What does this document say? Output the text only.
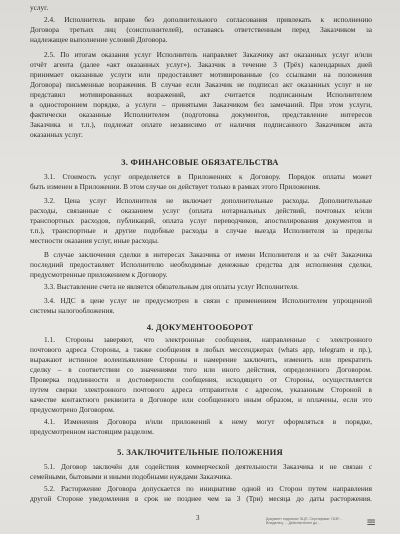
услуг.
2.4. Исполнитель вправе без дополнительного согласования привлекать к исполнению
Договора третьих лиц (соисполнителей), оставаясь ответственным перед Заказчиком за
надлежащее выполнение условий Договора.
2.5. По итогам оказания услуг Исполнитель направляет Заказчику акт оказанных услуг и/или
отчёт агента (далее «акт оказанных услуг»). Заказчик в течение 3 (Трёх) календарных дней
принимает оказанные услуги или предоставляет мотивированные (со ссылками на положения
Договора) письменные возражения. В случае если Заказчик не подписал акт оказанных услуг и не
представил мотивированных возражений, акт считается подписанным Исполнителем
в одностороннем порядке, а услуги – принятыми Заказчиком без замечаний. При этом услуги,
фактически оказанные Исполнителем (подготовка документов, представление интересов
Заказчика и т.п.), подлежат оплате независимо от наличия подписанного Заказчиком акта
оказанных услуг.
3. ФИНАНСОВЫЕ ОБЯЗАТЕЛЬСТВА
3.1. Стоимость услуг определяется в Приложениях к Договору. Порядок оплаты может
быть изменен в Приложении. В этом случае он действует только в рамках этого Приложения.
3.2. Цена услуг Исполнителя не включает дополнительные расходы. Дополнительные
расходы, связанные с оказанием услуг (оплата нотариальных действий, почтовых и/или
транспортных расходов, публикаций, оплата услуг переводчиков, апостилирования документов и
т.п.), транспортные и другие подобные расходы в случае выезда Исполнителя за пределы
местности оказания услуг, иные расходы.
В случае заключения сделки в интересах Заказчика от имени Исполнителя и за счёт Заказчика
последний предоставляет Исполнителю необходимые денежные средства для исполнения сделки,
предусмотренные приложением к Договору.
3.3. Выставление счета не является обязательным для оплаты услуг Исполнителя.
3.4. НДС в цене услуг не предусмотрен в связи с применением Исполнителем упрощенной
системы налогообложения.
4. ДОКУМЕНТООБОРОТ
1.1. Стороны заверяют, что электронные сообщения, направленные с электронного
почтового адреса Стороны, а также сообщения в любых мессенджерах (whats app, telegram и пр.),
выражают истинное волеизъявление Стороны и намерение заключить, изменить или прекратить
сделку – в соответствии со значениями того или иного действия, определенного Договором.
Проверка подлинности и достоверности сообщения, исходящего от Стороны, осуществляется
путем сверки электронного почтового адреса отправителя с адресом, указанным Стороной в
качестве контактного реквизита в Договоре или сообщенного иным образом, и оплачены, если это
предусмотрено Договором.
4.1. Изменения Договора и/или приложений к нему могут оформляться в порядке,
предусмотренном настоящим разделом.
5. ЗАКЛЮЧИТЕЛЬНЫЕ ПОЛОЖЕНИЯ
5.1. Договор заключён для содействия коммерческой деятельности Заказчика и не связан с
семейными, бытовыми и иными подобными нуждами Заказчика.
5.2. Расторжение Договора допускается по инициативе одной из Сторон путем направления
другой Стороне уведомления в срок не позднее чем за 3 (Три) месяца до даты расторжения.
3	Документ подписан ЭЦП. Сертификат 7A3F... Владелец: ... Действителен до ...	≡
